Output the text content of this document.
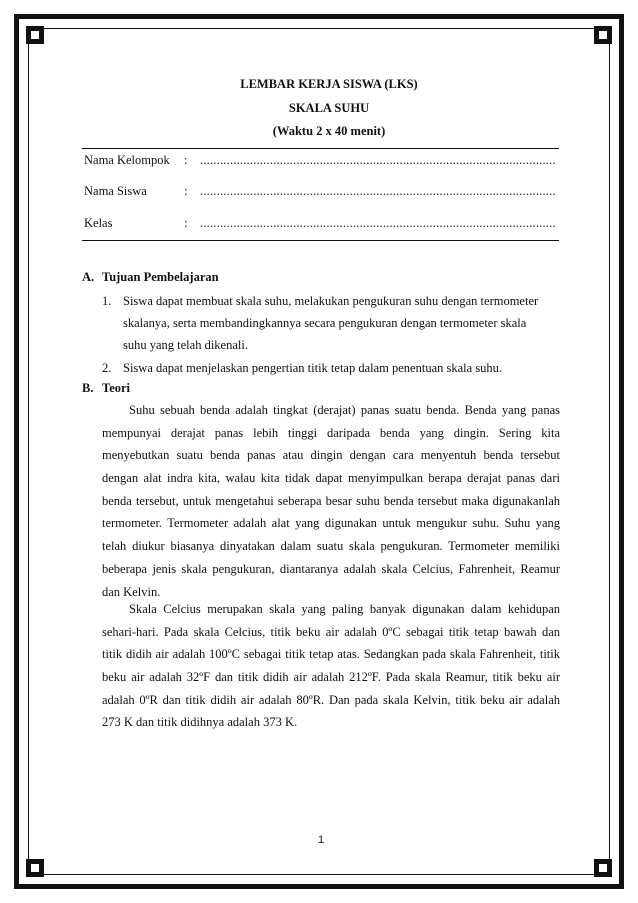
LEMBAR KERJA SISWA (LKS)
SKALA SUHU
(Waktu 2 x 40 menit)
Nama Kelompok : ...........................................................................................................
Nama Siswa	: ...........................................................................................................
Kelas	: ...........................................................................................................
A. Tujuan Pembelajaran
1. Siswa dapat membuat skala suhu, melakukan pengukuran suhu dengan termometer
skalanya, serta membandingkannya secara pengukuran dengan termometer skala
suhu yang telah dikenali.
2. Siswa dapat menjelaskan pengertian titik tetap dalam penentuan skala suhu.
B. Teori
Suhu sebuah benda adalah tingkat (derajat) panas suatu benda. Benda yang panas
mempunyai derajat panas lebih tinggi daripada benda yang dingin. Sering kita
menyebutkan suatu benda panas atau dingin dengan cara menyentuh benda tersebut
dengan alat indra kita, walau kita tidak dapat menyimpulkan berapa derajat panas dari
benda tersebut, untuk mengetahui seberapa besar suhu benda tersebut maka digunakanlah
termometer. Termometer adalah alat yang digunakan untuk mengukur suhu. Suhu yang
telah diukur biasanya dinyatakan dalam suatu skala pengukuran. Termometer memiliki
beberapa jenis skala pengukuran, diantaranya adalah skala Celcius, Fahrenheit, Reamur
dan Kelvin.
Skala Celcius merupakan skala yang paling banyak digunakan dalam kehidupan
sehari-hari. Pada skala Celcius, titik beku air adalah 0ºC sebagai titik tetap bawah dan
titik didih air adalah 100ºC sebagai titik tetap atas. Sedangkan pada skala Fahrenheit, titik
beku air adalah 32ºF dan titik didih air adalah 212ºF. Pada skala Reamur, titik beku air
adalah 0ºR dan titik didih air adalah 80ºR. Dan pada skala Kelvin, titik beku air adalah
273 K dan titik didihnya adalah 373 K.
1
